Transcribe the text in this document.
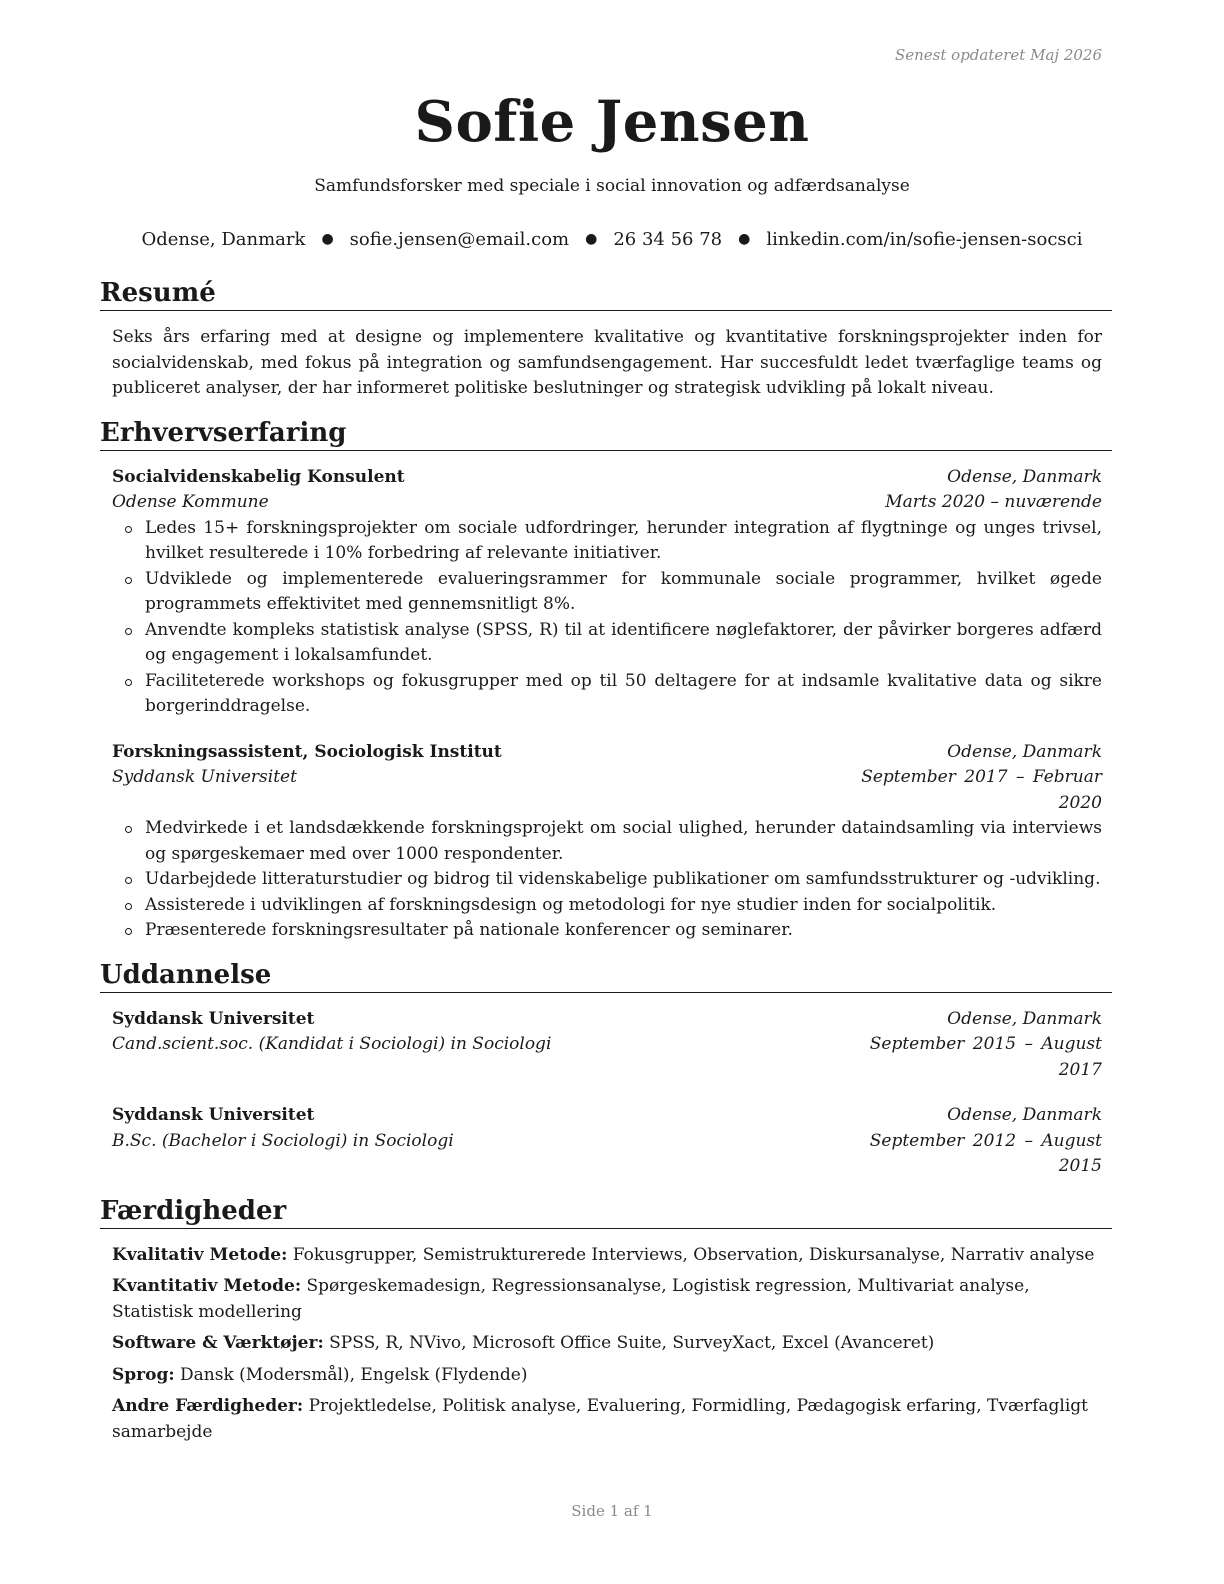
Senest opdateret Maj 2026
Sofie Jensen
Samfundsforsker med speciale i social innovation og adfærdsanalyse
Odense, Danmark ● sofie.jensen@email.com ● 26 34 56 78 ● linkedin.com/in/sofie-jensen-socsci
Resumé
Seks års erfaring med at designe og implementere kvalitative og kvantitative forskningsprojekter inden for socialvidenskab, med fokus på integration og samfundsengagement. Har succesfuldt ledet tværfaglige teams og publiceret analyser, der har informeret politiske beslutninger og strategisk udvikling på lokalt niveau.
Erhvervserfaring
Socialvidenskabelig Konsulent	Odense, Danmark
Odense Kommune	Marts 2020 – nuværende
Ledes 15+ forskningsprojekter om sociale udfordringer, herunder integration af flygtninge og unges trivsel, hvilket resulterede i 10% forbedring af relevante initiativer.
Udviklede og implementerede evalueringsrammer for kommunale sociale programmer, hvilket øgede programmets effektivitet med gennemsnitligt 8%.
Anvendte kompleks statistisk analyse (SPSS, R) til at identificere nøglefaktorer, der påvirker borgeres adfærd og engagement i lokalsamfundet.
Faciliteterede workshops og fokusgrupper med op til 50 deltagere for at indsamle kvalitative data og sikre borgerinddragelse.
Forskningsassistent, Sociologisk Institut	Odense, Danmark
Syddansk Universitet	September 2017 – Februar 2020
Medvirkede i et landsdækkende forskningsprojekt om social ulighed, herunder dataindsamling via interviews og spørgeskemaer med over 1000 respondenter.
Udarbejdede litteraturstudier og bidrog til videnskabelige publikationer om samfundsstrukturer og -udvikling.
Assisterede i udviklingen af forskningsdesign og metodologi for nye studier inden for socialpolitik.
Præsenterede forskningsresultater på nationale konferencer og seminarer.
Uddannelse
Syddansk Universitet	Odense, Danmark
Cand.scient.soc. (Kandidat i Sociologi) in Sociologi	September 2015 – August 2017
Syddansk Universitet	Odense, Danmark
B.Sc. (Bachelor i Sociologi) in Sociologi	September 2012 – August 2015
Færdigheder
Kvalitativ Metode: Fokusgrupper, Semistrukturerede Interviews, Observation, Diskursanalyse, Narrativ analyse
Kvantitativ Metode: Spørgeskemadesign, Regressionsanalyse, Logistisk regression, Multivariat analyse, Statistisk modellering
Software & Værktøjer: SPSS, R, NVivo, Microsoft Office Suite, SurveyXact, Excel (Avanceret)
Sprog: Dansk (Modersmål), Engelsk (Flydende)
Andre Færdigheder: Projektledelse, Politisk analyse, Evaluering, Formidling, Pædagogisk erfaring, Tværfagligt samarbejde
Side 1 af 1
